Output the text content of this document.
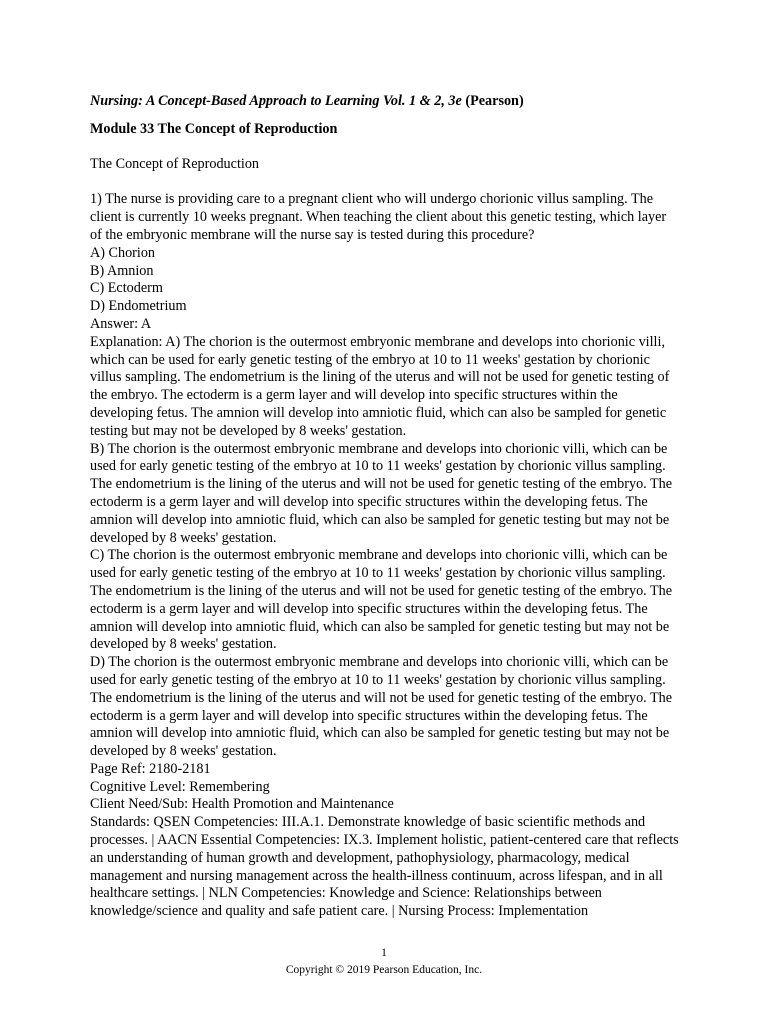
Nursing: A Concept-Based Approach to Learning Vol. 1 & 2, 3e (Pearson)

Module 33 The Concept of Reproduction

The Concept of Reproduction

1) The nurse is providing care to a pregnant client who will undergo chorionic villus sampling. The client is currently 10 weeks pregnant. When teaching the client about this genetic testing, which layer of the embryonic membrane will the nurse say is tested during this procedure?

A) Chorion

B) Amnion

C) Ectoderm

D) Endometrium

Answer: A

Explanation: A) The chorion is the outermost embryonic membrane and develops into chorionic villi, which can be used for early genetic testing of the embryo at 10 to 11 weeks' gestation by chorionic villus sampling. The endometrium is the lining of the uterus and will not be used for genetic testing of the embryo. The ectoderm is a germ layer and will develop into specific structures within the developing fetus. The amnion will develop into amniotic fluid, which can also be sampled for genetic testing but may not be developed by 8 weeks' gestation.

B) The chorion is the outermost embryonic membrane and develops into chorionic villi, which can be used for early genetic testing of the embryo at 10 to 11 weeks' gestation by chorionic villus sampling. The endometrium is the lining of the uterus and will not be used for genetic testing of the embryo. The ectoderm is a germ layer and will develop into specific structures within the developing fetus. The amnion will develop into amniotic fluid, which can also be sampled for genetic testing but may not be developed by 8 weeks' gestation.

C) The chorion is the outermost embryonic membrane and develops into chorionic villi, which can be used for early genetic testing of the embryo at 10 to 11 weeks' gestation by chorionic villus sampling. The endometrium is the lining of the uterus and will not be used for genetic testing of the embryo. The ectoderm is a germ layer and will develop into specific structures within the developing fetus. The amnion will develop into amniotic fluid, which can also be sampled for genetic testing but may not be developed by 8 weeks' gestation.

D) The chorion is the outermost embryonic membrane and develops into chorionic villi, which can be used for early genetic testing of the embryo at 10 to 11 weeks' gestation by chorionic villus sampling. The endometrium is the lining of the uterus and will not be used for genetic testing of the embryo. The ectoderm is a germ layer and will develop into specific structures within the developing fetus. The amnion will develop into amniotic fluid, which can also be sampled for genetic testing but may not be developed by 8 weeks' gestation.

Page Ref: 2180-2181

Cognitive Level: Remembering

Client Need/Sub: Health Promotion and Maintenance

Standards: QSEN Competencies: III.A.1. Demonstrate knowledge of basic scientific methods and processes. | AACN Essential Competencies: IX.3. Implement holistic, patient-centered care that reflects an understanding of human growth and development, pathophysiology, pharmacology, medical management and nursing management across the health-illness continuum, across lifespan, and in all healthcare settings. | NLN Competencies: Knowledge and Science: Relationships between knowledge/science and quality and safe patient care. | Nursing Process: Implementation

1
Copyright © 2019 Pearson Education, Inc.
